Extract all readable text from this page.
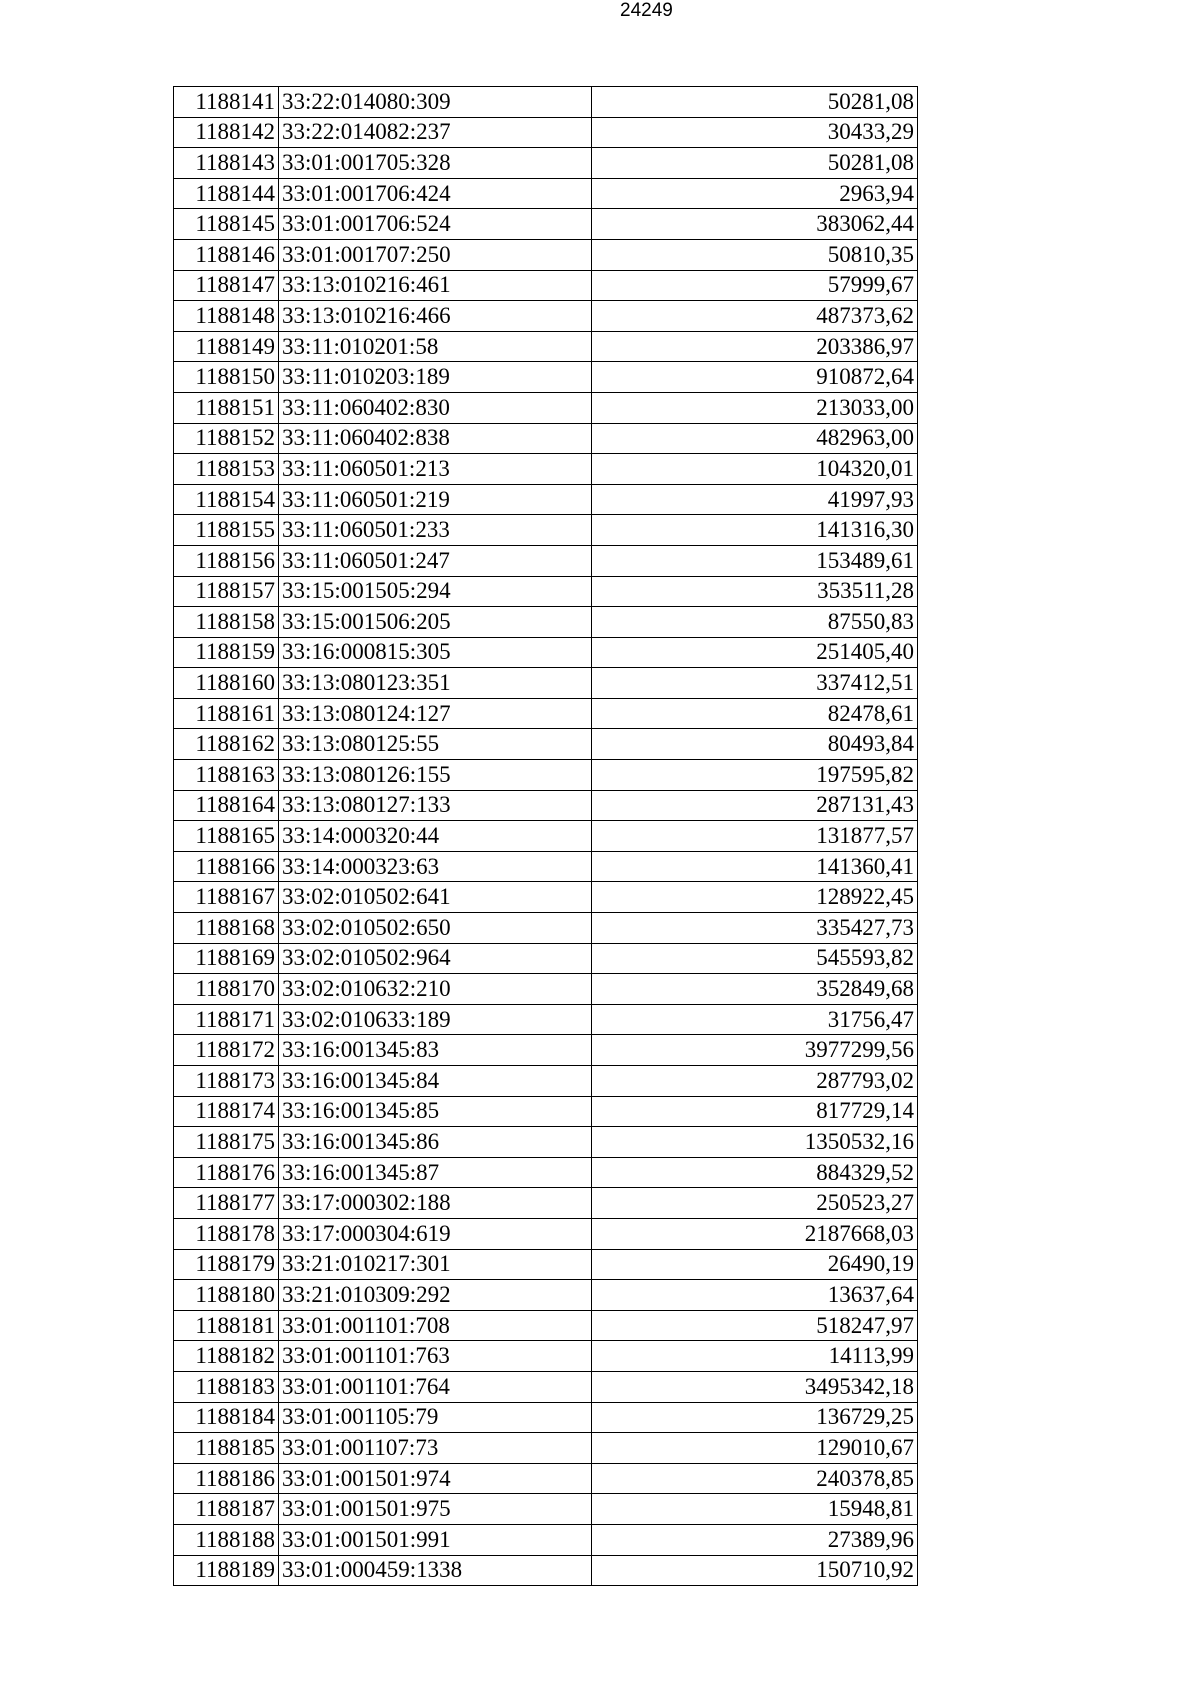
24249
1188141	33:22:014080:309	50281,08
1188142	33:22:014082:237	30433,29
1188143	33:01:001705:328	50281,08
1188144	33:01:001706:424	2963,94
1188145	33:01:001706:524	383062,44
1188146	33:01:001707:250	50810,35
1188147	33:13:010216:461	57999,67
1188148	33:13:010216:466	487373,62
1188149	33:11:010201:58	203386,97
1188150	33:11:010203:189	910872,64
1188151	33:11:060402:830	213033,00
1188152	33:11:060402:838	482963,00
1188153	33:11:060501:213	104320,01
1188154	33:11:060501:219	41997,93
1188155	33:11:060501:233	141316,30
1188156	33:11:060501:247	153489,61
1188157	33:15:001505:294	353511,28
1188158	33:15:001506:205	87550,83
1188159	33:16:000815:305	251405,40
1188160	33:13:080123:351	337412,51
1188161	33:13:080124:127	82478,61
1188162	33:13:080125:55	80493,84
1188163	33:13:080126:155	197595,82
1188164	33:13:080127:133	287131,43
1188165	33:14:000320:44	131877,57
1188166	33:14:000323:63	141360,41
1188167	33:02:010502:641	128922,45
1188168	33:02:010502:650	335427,73
1188169	33:02:010502:964	545593,82
1188170	33:02:010632:210	352849,68
1188171	33:02:010633:189	31756,47
1188172	33:16:001345:83	3977299,56
1188173	33:16:001345:84	287793,02
1188174	33:16:001345:85	817729,14
1188175	33:16:001345:86	1350532,16
1188176	33:16:001345:87	884329,52
1188177	33:17:000302:188	250523,27
1188178	33:17:000304:619	2187668,03
1188179	33:21:010217:301	26490,19
1188180	33:21:010309:292	13637,64
1188181	33:01:001101:708	518247,97
1188182	33:01:001101:763	14113,99
1188183	33:01:001101:764	3495342,18
1188184	33:01:001105:79	136729,25
1188185	33:01:001107:73	129010,67
1188186	33:01:001501:974	240378,85
1188187	33:01:001501:975	15948,81
1188188	33:01:001501:991	27389,96
1188189	33:01:000459:1338	150710,92
